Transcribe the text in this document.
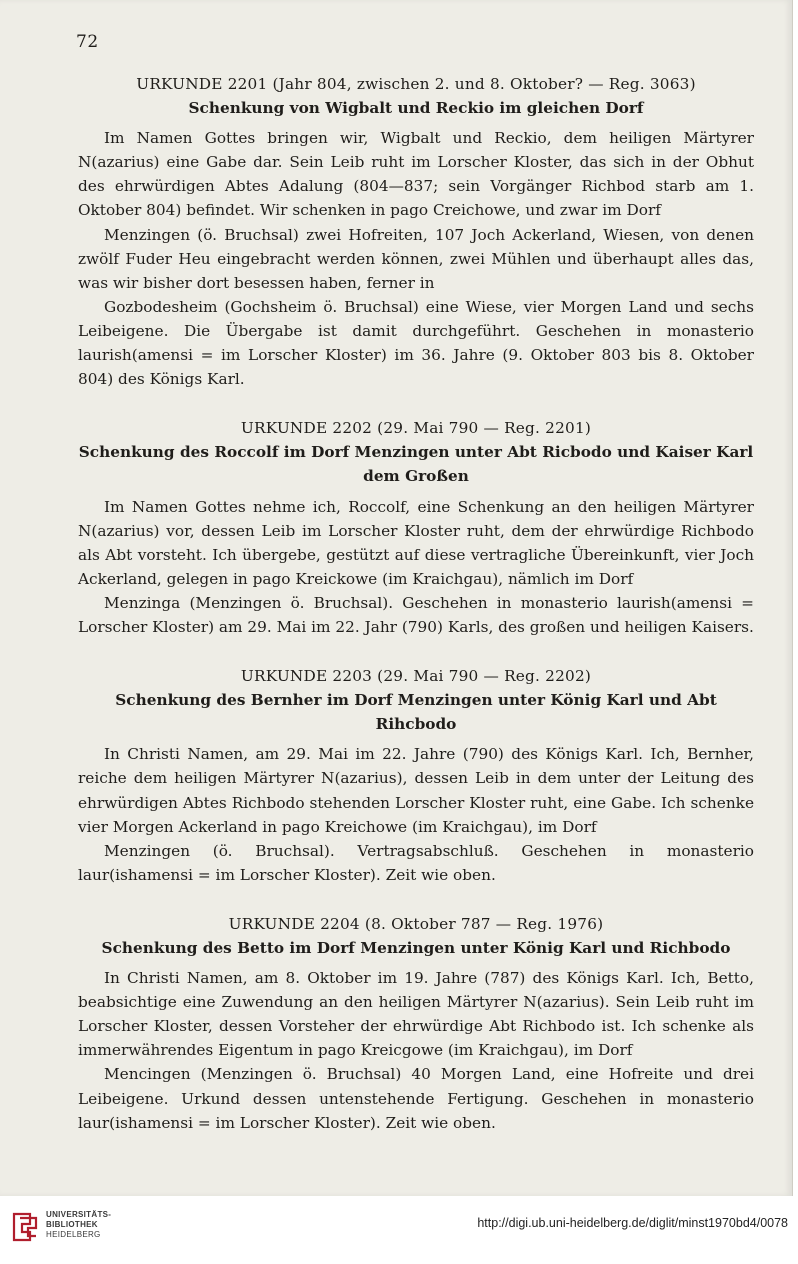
72

URKUNDE 2201 (Jahr 804, zwischen 2. und 8. Oktober? — Reg. 3063)

Schenkung von Wigbalt und Reckio im gleichen Dorf

Im Namen Gottes bringen wir, Wigbalt und Reckio, dem heiligen Märtyrer N(azarius) eine Gabe dar. Sein Leib ruht im Lorscher Kloster, das sich in der Obhut des ehrwürdigen Abtes Adalung (804—837; sein Vorgänger Richbod starb am 1. Oktober 804) befindet. Wir schenken in pago Creichowe, und zwar im Dorf

Menzingen (ö. Bruchsal) zwei Hofreiten, 107 Joch Ackerland, Wiesen, von denen zwölf Fuder Heu eingebracht werden können, zwei Mühlen und überhaupt alles das, was wir bisher dort besessen haben, ferner in

Gozbodesheim (Gochsheim ö. Bruchsal) eine Wiese, vier Morgen Land und sechs Leibeigene. Die Übergabe ist damit durchgeführt. Geschehen in monasterio laurish(amensi = im Lorscher Kloster) im 36. Jahre (9. Oktober 803 bis 8. Oktober 804) des Königs Karl.

URKUNDE 2202 (29. Mai 790 — Reg. 2201)

Schenkung des Roccolf im Dorf Menzingen unter Abt Ricbodo und Kaiser Karl dem Großen

Im Namen Gottes nehme ich, Roccolf, eine Schenkung an den heiligen Märtyrer N(azarius) vor, dessen Leib im Lorscher Kloster ruht, dem der ehrwürdige Richbodo als Abt vorsteht. Ich übergebe, gestützt auf diese vertragliche Übereinkunft, vier Joch Ackerland, gelegen in pago Kreickowe (im Kraichgau), nämlich im Dorf

Menzinga (Menzingen ö. Bruchsal). Geschehen in monasterio laurish(amensi = Lorscher Kloster) am 29. Mai im 22. Jahr (790) Karls, des großen und heiligen Kaisers.

URKUNDE 2203 (29. Mai 790 — Reg. 2202)

Schenkung des Bernher im Dorf Menzingen unter König Karl und Abt Rihcbodo

In Christi Namen, am 29. Mai im 22. Jahre (790) des Königs Karl. Ich, Bernher, reiche dem heiligen Märtyrer N(azarius), dessen Leib in dem unter der Leitung des ehrwürdigen Abtes Richbodo stehenden Lorscher Kloster ruht, eine Gabe. Ich schenke vier Morgen Ackerland in pago Kreichowe (im Kraichgau), im Dorf

Menzingen (ö. Bruchsal). Vertragsabschluß. Geschehen in monasterio laur(ishamensi = im Lorscher Kloster). Zeit wie oben.

URKUNDE 2204 (8. Oktober 787 — Reg. 1976)

Schenkung des Betto im Dorf Menzingen unter König Karl und Richbodo

In Christi Namen, am 8. Oktober im 19. Jahre (787) des Königs Karl. Ich, Betto, beabsichtige eine Zuwendung an den heiligen Märtyrer N(azarius). Sein Leib ruht im Lorscher Kloster, dessen Vorsteher der ehrwürdige Abt Richbodo ist. Ich schenke als immerwährendes Eigentum in pago Kreicgowe (im Kraichgau), im Dorf

Mencingen (Menzingen ö. Bruchsal) 40 Morgen Land, eine Hofreite und drei Leibeigene. Urkund dessen untenstehende Fertigung. Geschehen in monasterio laur(ishamensi = im Lorscher Kloster). Zeit wie oben.

UNIVERSITÄTS-
BIBLIOTHEK
HEIDELBERG
http://digi.ub.uni-heidelberg.de/diglit/minst1970bd4/0078
